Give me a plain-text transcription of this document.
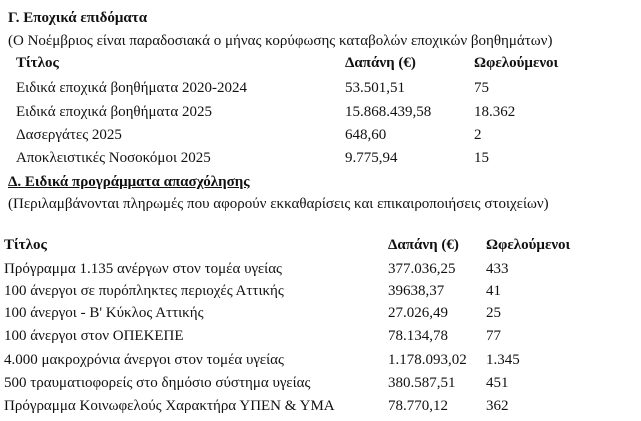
Γ. Εποχικά επιδόματα
(Ο Νοέμβριος είναι παραδοσιακά ο μήνας κορύφωσης καταβολών εποχικών βοηθημάτων)
Τίτλος	Δαπάνη (€)	Ωφελούμενοι
Ειδικά εποχικά βοηθήματα 2020-2024	53.501,51	75
Ειδικά εποχικά βοηθήματα 2025	15.868.439,58	18.362
Δασεργάτες 2025	648,60	2
Αποκλειστικές Νοσοκόμοι 2025	9.775,94	15
Δ. Ειδικά προγράμματα απασχόλησης
(Περιλαμβάνονται πληρωμές που αφορούν εκκαθαρίσεις και επικαιροποιήσεις στοιχείων)
Τίτλος	Δαπάνη (€) Ωφελούμενοι
Πρόγραμμα 1.135 ανέργων στον τομέα υγείας	377.036,25 433
100 άνεργοι σε πυρόπληκτες περιοχές Αττικής	39638,37	41
100 άνεργοι - Β' Κύκλος Αττικής	27.026,49	25
100 άνεργοι στον ΟΠΕΚΕΠΕ	78.134,78	77
4.000 μακροχρόνια άνεργοι στον τομέα υγείας	1.178.093,02 1.345
500 τραυματιοφορείς στο δημόσιο σύστημα υγείας	380.587,51 451
Πρόγραμμα Κοινωφελούς Χαρακτήρα ΥΠΕΝ & ΥΜΑ	78.770,12	362
